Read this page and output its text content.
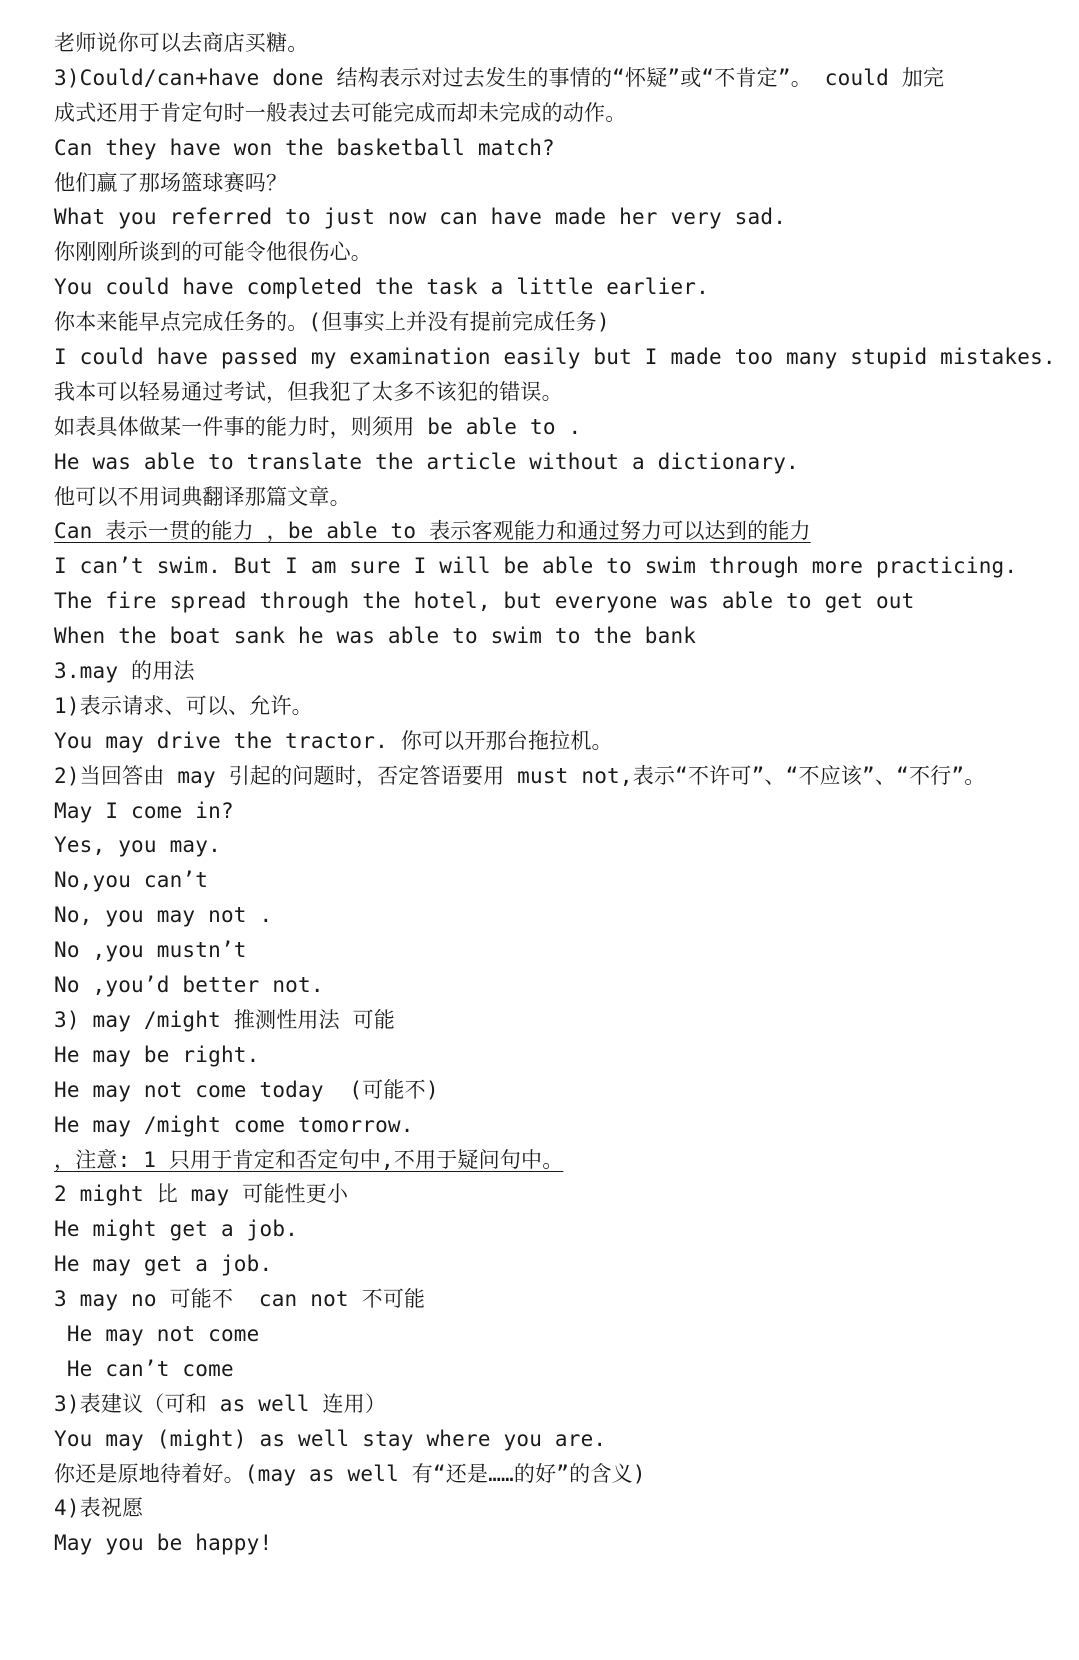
老师说你可以去商店买糖。
3)Could/can+have done 结构表示对过去发生的事情的“怀疑”或“不肯定”。 could 加完
成式还用于肯定句时一般表过去可能完成而却未完成的动作。
Can they have won the basketball match?
他们赢了那场篮球赛吗？
What you referred to just now can have made her very sad.
你刚刚所谈到的可能令他很伤心。
You could have completed the task a little earlier.
你本来能早点完成任务的。(但事实上并没有提前完成任务)
I could have passed my examination easily but I made too many stupid mistakes.
我本可以轻易通过考试，但我犯了太多不该犯的错误。
如表具体做某一件事的能力时，则须用 be able to .
He was able to translate the article without a dictionary.
他可以不用词典翻译那篇文章。
Can 表示一贯的能力 ，be able to 表示客观能力和通过努力可以达到的能力
I can’t swim. But I am sure I will be able to swim through more practicing.
The fire spread through the hotel, but everyone was able to get out
When the boat sank he was able to swim to the bank
3.may 的用法
1)表示请求、可以、允许。
You may drive the tractor. 你可以开那台拖拉机。
2)当回答由 may 引起的问题时，否定答语要用 must not,表示“不许可”、“不应该”、“不行”。
May I come in?
Yes, you may.
No,you can’t
No, you may not .
No ,you mustn’t
No ,you’d better not.
3) may /might 推测性用法 可能
He may be right.
He may not come today  (可能不)
He may /might come tomorrow.
，注意: 1 只用于肯定和否定句中,不用于疑问句中。
2 might 比 may 可能性更小
He might get a job.
He may get a job.
3 may no 可能不  can not 不可能
He may not come
He can’t come
3)表建议（可和 as well 连用）
You may (might) as well stay where you are.
你还是原地待着好。(may as well 有“还是……的好”的含义)
4)表祝愿
May you be happy!
